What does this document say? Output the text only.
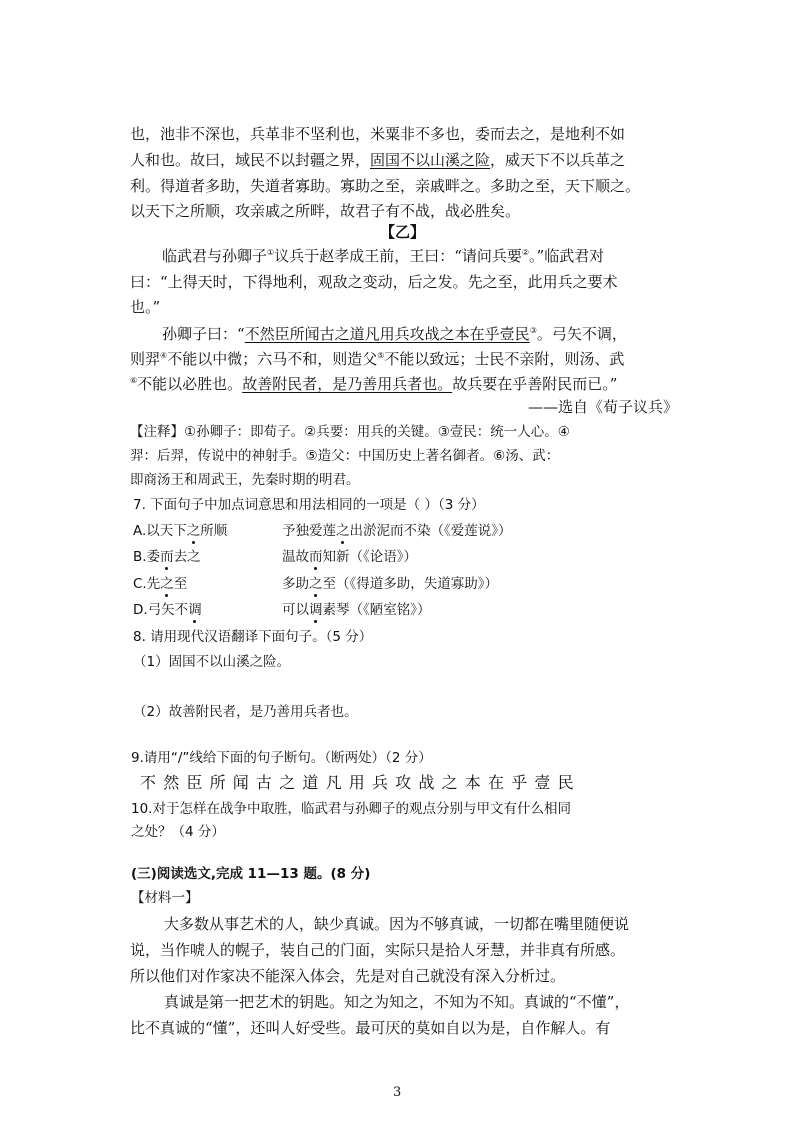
也，池非不深也，兵革非不坚利也，米粟非不多也，委而去之，是地利不如
人和也。故曰，域民不以封疆之界，固国不以山溪之险，威天下不以兵革之
利。得道者多助，失道者寡助。寡助之至，亲戚畔之。多助之至，天下顺之。
以天下之所顺，攻亲戚之所畔，故君子有不战，战必胜矣。
【乙】
临武君与孙卿子①议兵于赵孝成王前，王曰：“请问兵要②。”临武君对
曰：“上得天时，下得地利，观敌之变动，后之发。先之至，此用兵之要术
也。”
孙卿子曰：“不然臣所闻古之道凡用兵攻战之本在乎壹民③。弓矢不调，
则羿④不能以中微；六马不和，则造父⑤不能以致远；士民不亲附，则汤、武
⑥不能以必胜也。故善附民者，是乃善用兵者也。故兵要在乎善附民而已。”
——选自《荀子议兵》
【注释】①孙卿子：即荀子。②兵要：用兵的关键。③壹民：统一人心。④
羿：后羿，传说中的神射手。⑤造父：中国历史上著名御者。⑥汤、武：
即商汤王和周武王，先秦时期的明君。
7. 下面句子中加点词意思和用法相同的一项是（ ）（3 分）
A.以天下之所顺	予独爱莲之出淤泥而不染（《爱莲说》）
B.委而去之	温故而知新（《论语》）
C.先之至	多助之至（《得道多助，失道寡助》）
D.弓矢不调	可以调素琴（《陋室铭》）
8. 请用现代汉语翻译下面句子。（5 分）
（1）固国不以山溪之险。
（2）故善附民者，是乃善用兵者也。
9.请用“/”线给下面的句子断句。（断两处）（2 分）
不然臣所闻古之道凡用兵攻战之本在乎壹民
10.对于怎样在战争中取胜，临武君与孙卿子的观点分别与甲文有什么相同
之处？（4 分）
(三)阅读选文,完成 11—13 题。(8 分)
【材料一】
大多数从事艺术的人，缺少真诚。因为不够真诚，一切都在嘴里随便说
说，当作唬人的幌子，装自己的门面，实际只是拾人牙慧，并非真有所感。
所以他们对作家决不能深入体会，先是对自己就没有深入分析过。
真诚是第一把艺术的钥匙。知之为知之，不知为不知。真诚的“不懂”，
比不真诚的“懂”，还叫人好受些。最可厌的莫如自以为是，自作解人。有
3
